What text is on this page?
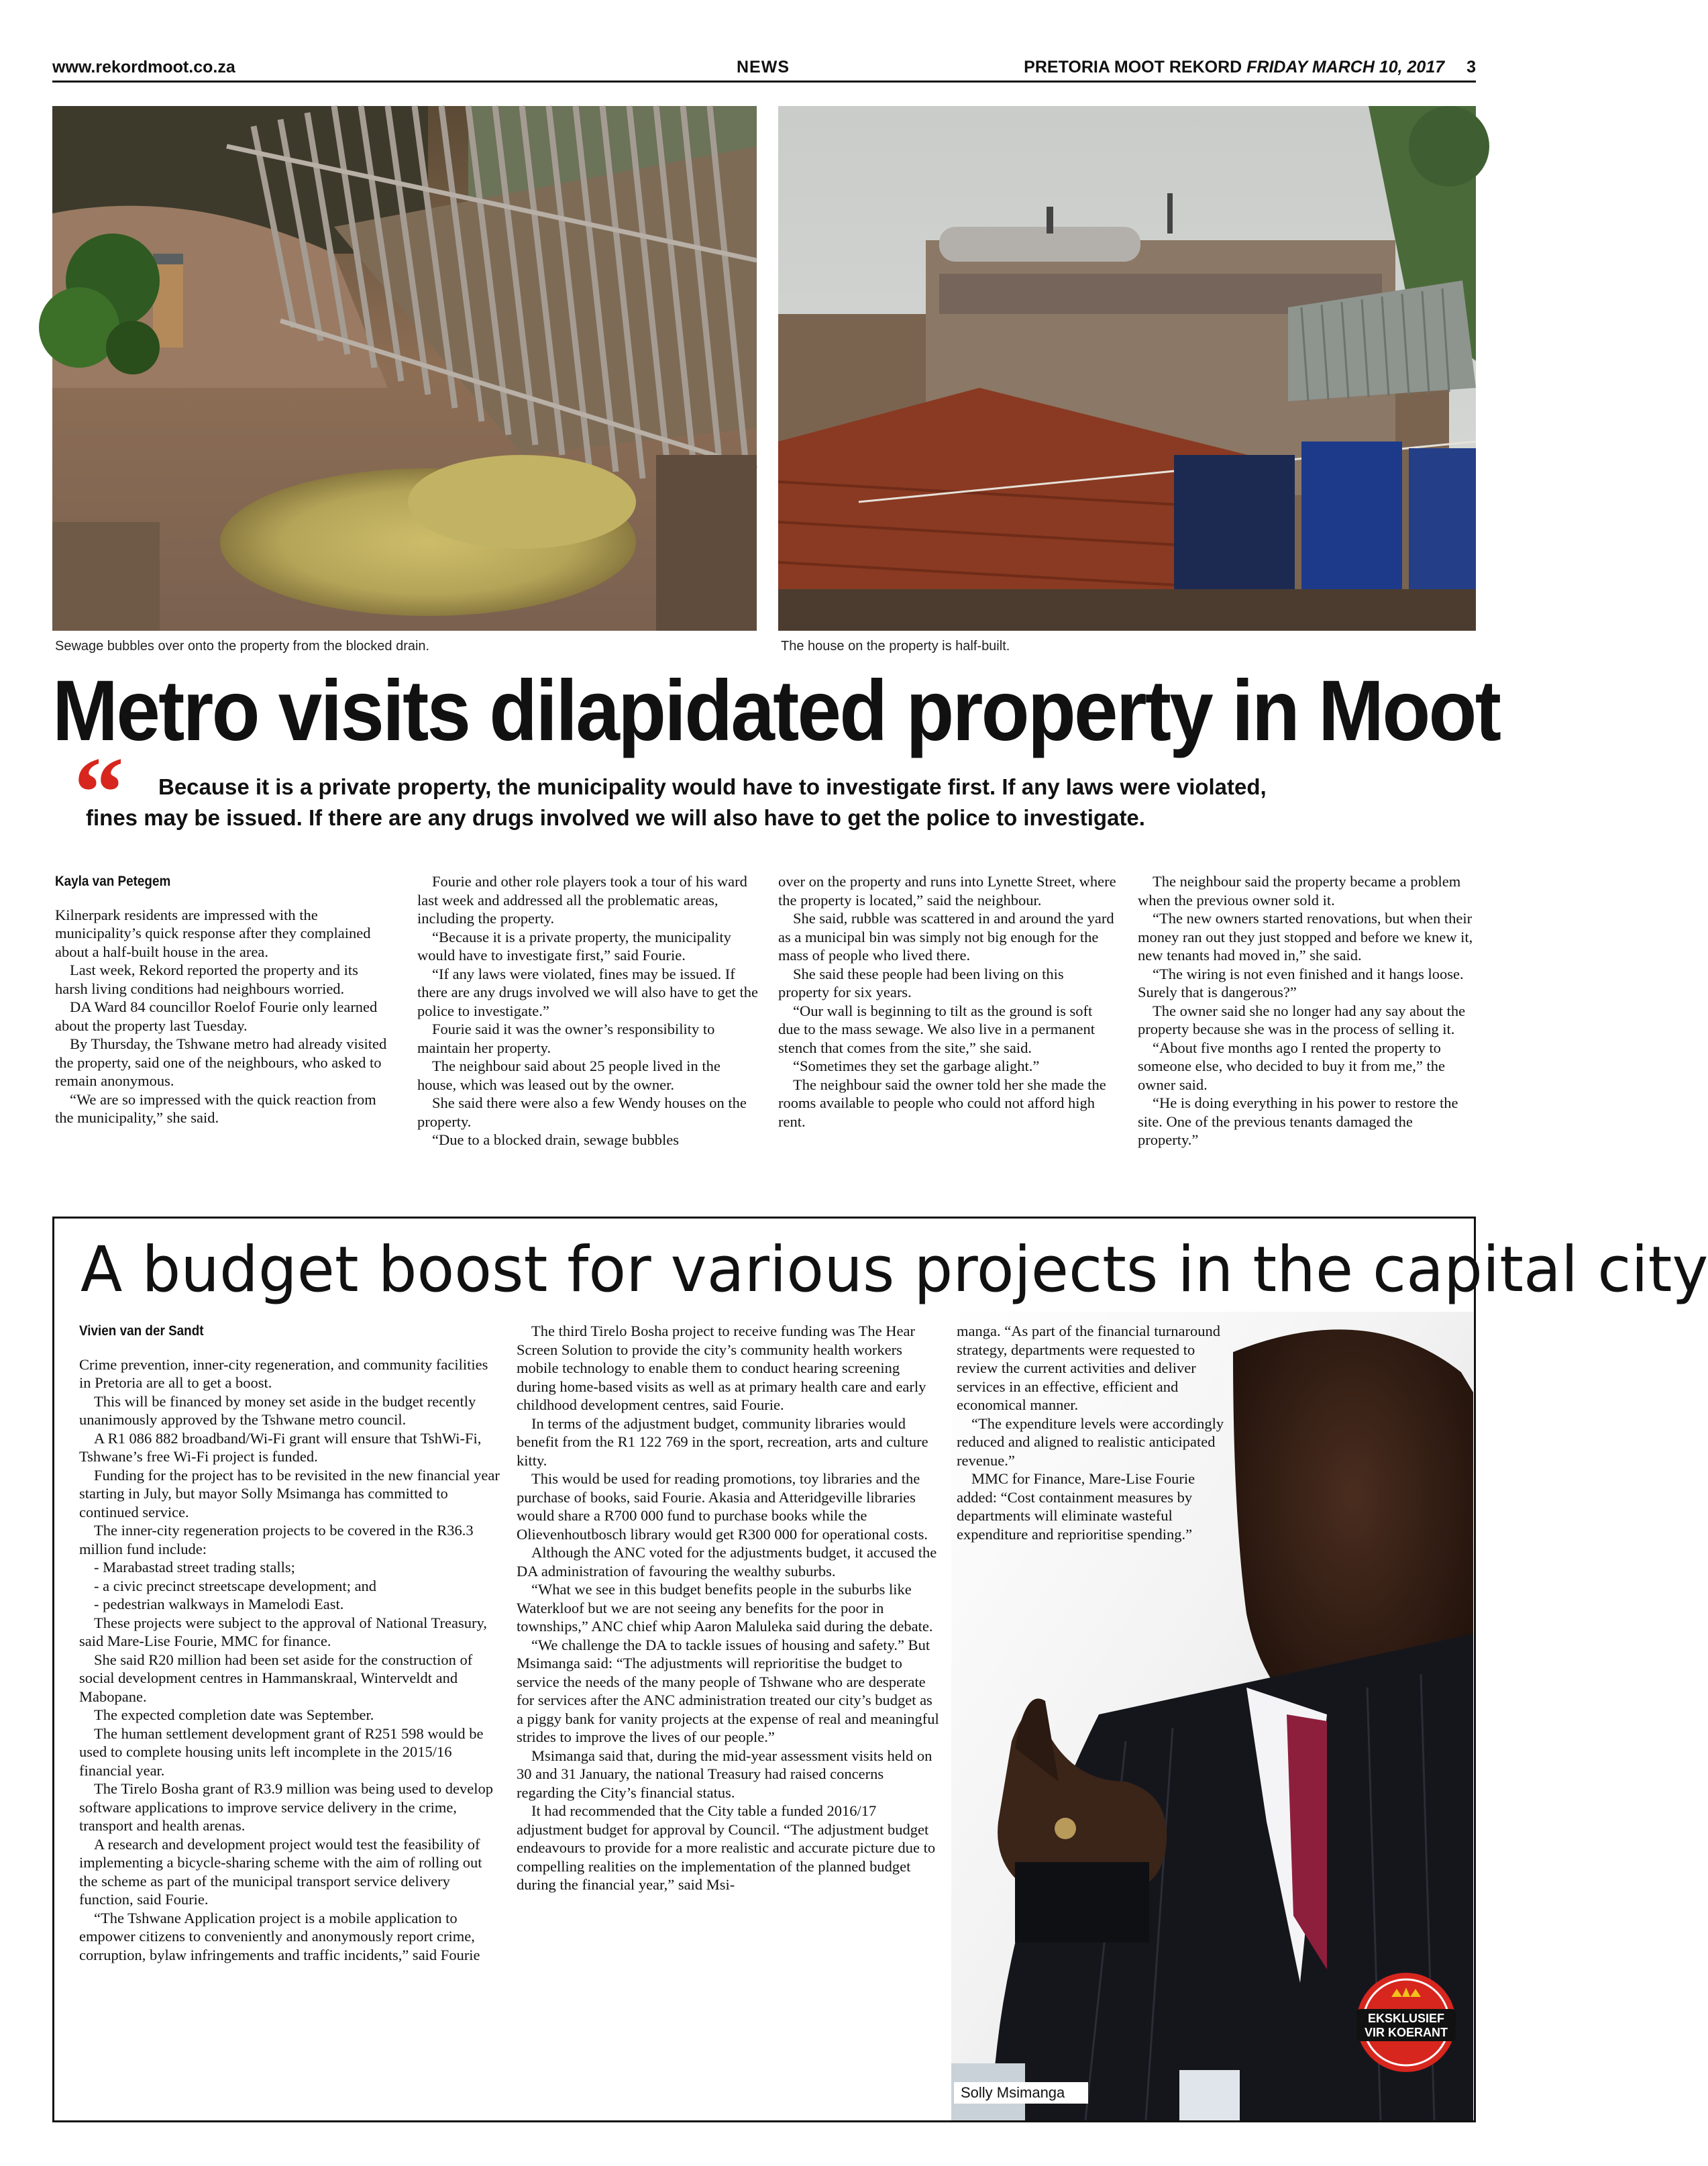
www.rekordmoot.co.za	NEWS	PRETORIA MOOT REKORD FRIDAY MARCH 10, 2017 3
Sewage bubbles over onto the property from the blocked drain.	The house on the property is half-built.
Metro visits dilapidated property in Moot
“	Because it is a private property, the municipality would have to investigate first. If any laws were violated,
fines may be issued. If there are any drugs involved we will also have to get the police to investigate.
Kayla van Petegem

Kilnerpark residents are impressed with the municipality’s quick response after they complained about a half-built house in the area.

Last week, Rekord reported the property and its harsh living conditions had neighbours worried.

DA Ward 84 councillor Roelof Fourie only learned about the property last Tuesday.

By Thursday, the Tshwane metro had already visited the property, said one of the neighbours, who asked to remain anonymous.

“We are so impressed with the quick reaction from the municipality,” she said.

Fourie and other role players took a tour of his ward last week and addressed all the problematic areas, including the property.

“Because it is a private property, the municipality would have to investigate first,” said Fourie.

“If any laws were violated, fines may be issued. If there are any drugs involved we will also have to get the police to investigate.”

Fourie said it was the owner’s responsibility to maintain her property.

The neighbour said about 25 people lived in the house, which was leased out by the owner.

She said there were also a few Wendy houses on the property.

“Due to a blocked drain, sewage bubbles

over on the property and runs into Lynette Street, where the property is located,” said the neighbour.

She said, rubble was scattered in and around the yard as a municipal bin was simply not big enough for the mass of people who lived there.

She said these people had been living on this property for six years.

“Our wall is beginning to tilt as the ground is soft due to the mass sewage. We also live in a permanent stench that comes from the site,” she said.

“Sometimes they set the garbage alight.”

The neighbour said the owner told her she made the rooms available to people who could not afford high rent.

The neighbour said the property became a problem when the previous owner sold it.

“The new owners started renovations, but when their money ran out they just stopped and before we knew it, new tenants had moved in,” she said.

“The wiring is not even finished and it hangs loose. Surely that is dangerous?”

The owner said she no longer had any say about the property because she was in the process of selling it.

“About five months ago I rented the property to someone else, who decided to buy it from me,” the owner said.

“He is doing everything in his power to restore the site. One of the previous tenants damaged the property.”

A budget boost for various projects in the capital city
Vivien van der Sandt

Crime prevention, inner-city regeneration, and community facilities in Pretoria are all to get a boost.

This will be financed by money set aside in the budget recently unanimously approved by the Tshwane metro council.

A R1 086 882 broadband/Wi-Fi grant will ensure that TshWi-Fi, Tshwane’s free Wi-Fi project is funded.

Funding for the project has to be revisited in the new financial year starting in July, but mayor Solly Msimanga has committed to continued service.

The inner-city regeneration projects to be covered in the R36.3 million fund include:

- Marabastad street trading stalls;

- a civic precinct streetscape development; and

- pedestrian walkways in Mamelodi East.

These projects were subject to the approval of National Treasury, said Mare-Lise Fourie, MMC for finance.

She said R20 million had been set aside for the construction of social development centres in Hammanskraal, Winterveldt and Mabopane.

The expected completion date was September.

The human settlement development grant of R251 598 would be used to complete housing units left incomplete in the 2015/16 financial year.

The Tirelo Bosha grant of R3.9 million was being used to develop software applications to improve service delivery in the crime, transport and health arenas.

A research and development project would test the feasibility of implementing a bicycle-sharing scheme with the aim of rolling out the scheme as part of the municipal transport service delivery function, said Fourie.

“The Tshwane Application project is a mobile application to empower citizens to conveniently and anonymously report crime, corruption, bylaw infringements and traffic incidents,” said Fourie

The third Tirelo Bosha project to receive funding was The Hear Screen Solution to provide the city’s community health workers mobile technology to enable them to conduct hearing screening during home-based visits as well as at primary health care and early childhood development centres, said Fourie.

In terms of the adjustment budget, community libraries would benefit from the R1 122 769 in the sport, recreation, arts and culture kitty.

This would be used for reading promotions, toy libraries and the purchase of books, said Fourie. Akasia and Atteridgeville libraries would share a R700 000 fund to purchase books while the Olievenhoutbosch library would get R300 000 for operational costs.

Although the ANC voted for the adjustments budget, it accused the DA administration of favouring the wealthy suburbs.

“What we see in this budget benefits people in the suburbs like Waterkloof but we are not seeing any benefits for the poor in townships,” ANC chief whip Aaron Maluleka said during the debate.

“We challenge the DA to tackle issues of housing and safety.” But Msimanga said: “The adjustments will reprioritise the budget to service the needs of the many people of Tshwane who are desperate for services after the ANC administration treated our city’s budget as a piggy bank for vanity projects at the expense of real and meaningful strides to improve the lives of our people.”

Msimanga said that, during the mid-year assessment visits held on 30 and 31 January, the national Treasury had raised concerns regarding the City’s financial status.

It had recommended that the City table a funded 2016/17 adjustment budget for approval by Council. “The adjustment budget endeavours to provide for a more realistic and accurate picture due to compelling realities on the implementation of the planned budget during the financial year,” said Msi-

manga. “As part of the financial turnaround strategy, departments were requested to review the current activities and deliver services in an effective, efficient and economical manner.

“The expenditure levels were accordingly reduced and aligned to realistic anticipated revenue.”

MMC for Finance, Mare-Lise Fourie added: “Cost containment measures by departments will eliminate wasteful expenditure and reprioritise spending.”

Solly Msimanga
EKSKLUSIEF
VIR KOERANT
